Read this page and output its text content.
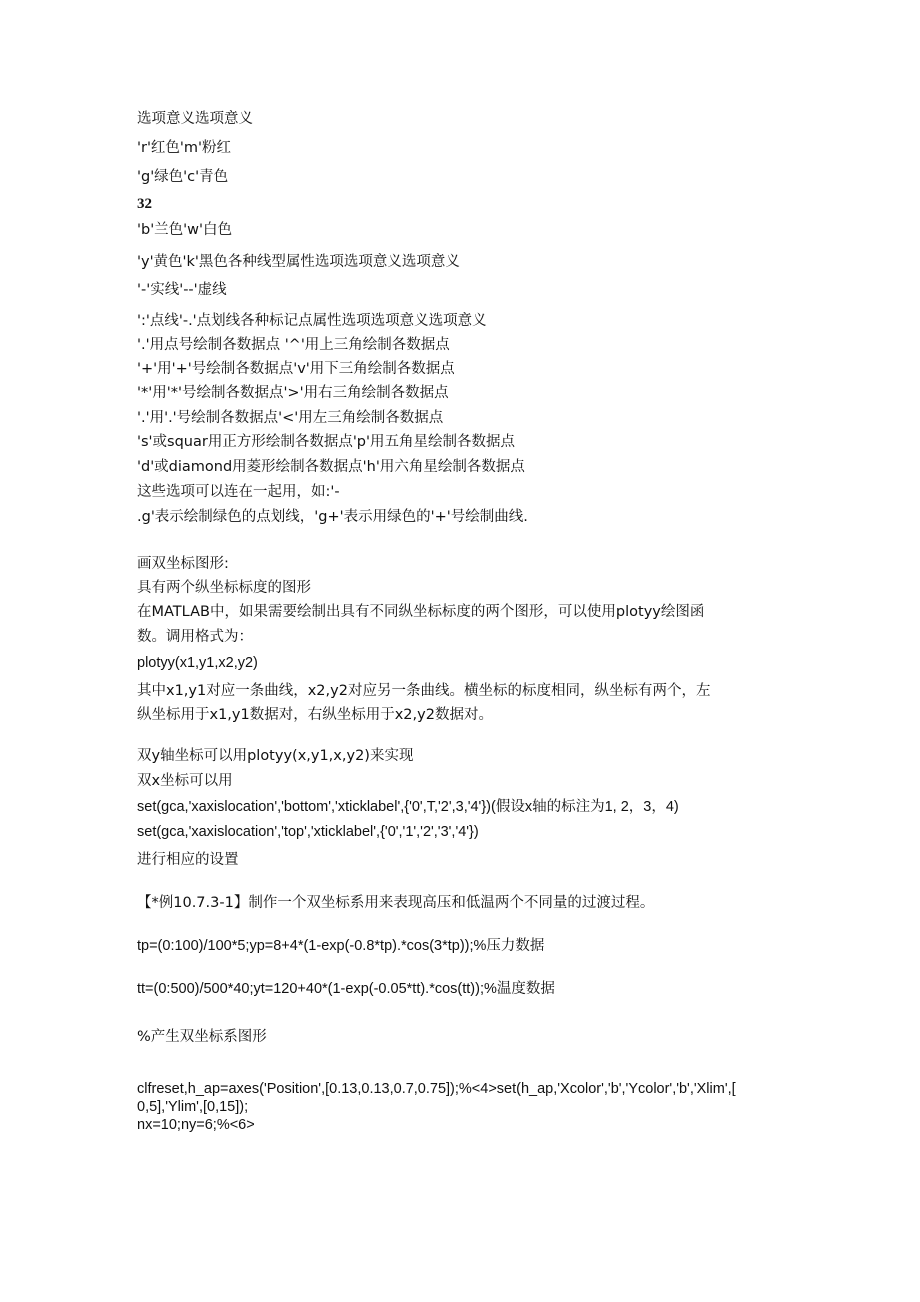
选项意义选项意义
'r'红色'm'粉红
'g'绿色'c'青色
32
'b'兰色'w'白色
'y'黄色'k'黑色各种线型属性选项选项意义选项意义
'-'实线'--'虚线
':'点线'-.'点划线各种标记点属性选项选项意义选项意义
'.'用点号绘制各数据点 '^'用上三角绘制各数据点
'+'用'+'号绘制各数据点'v'用下三角绘制各数据点
'*'用'*'号绘制各数据点'>'用右三角绘制各数据点
'.'用'.'号绘制各数据点'<'用左三角绘制各数据点
's'或squar用正方形绘制各数据点'p'用五角星绘制各数据点
'd'或diamond用菱形绘制各数据点'h'用六角星绘制各数据点
这些选项可以连在一起用，如:'-
.g'表示绘制绿色的点划线，'g+'表示用绿色的'+'号绘制曲线.
画双坐标图形:
具有两个纵坐标标度的图形
在MATLAB中，如果需要绘制出具有不同纵坐标标度的两个图形，可以使用plotyy绘图函
数。调用格式为：
plotyy(x1,y1,x2,y2)
其中x1,y1对应一条曲线，x2,y2对应另一条曲线。横坐标的标度相同，纵坐标有两个，左
纵坐标用于x1,y1数据对，右纵坐标用于x2,y2数据对。
双y轴坐标可以用plotyy(x,y1,x,y2)来实现
双x坐标可以用
set(gca,'xaxislocation','bottom','xticklabel',{'0',T,'2',3,'4'})(假设x轴的标注为1, 2，3，4)
set(gca,'xaxislocation','top','xticklabel',{'0','1','2','3','4'})
进行相应的设置
【*例10.7.3-1】制作一个双坐标系用来表现高压和低温两个不同量的过渡过程。
tp=(0:100)/100*5;yp=8+4*(1-exp(-0.8*tp).*cos(3*tp));%压力数据
tt=(0:500)/500*40;yt=120+40*(1-exp(-0.05*tt).*cos(tt));%温度数据
%产生双坐标系图形
clfreset,h_ap=axes('Position',[0.13,0.13,0.7,0.75]);%<4>set(h_ap,'Xcolor','b','Ycolor','b','Xlim',[
0,5],'Ylim',[0,15]);
nx=10;ny=6;%<6>
